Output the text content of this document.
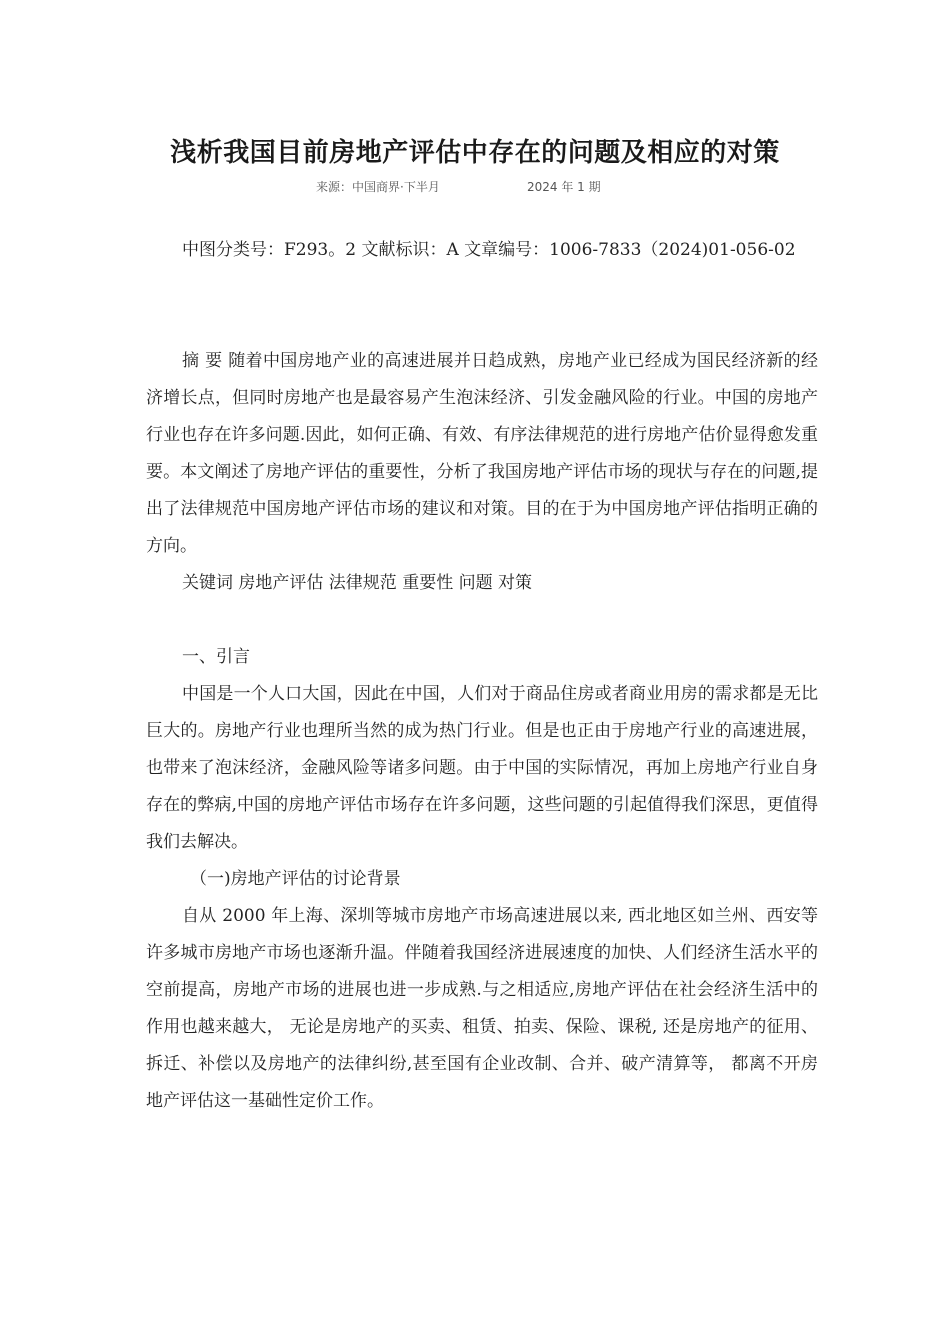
浅析我国目前房地产评估中存在的问题及相应的对策
来源：中国商界·下半月	2024 年 1 期

中图分类号：F293。2 文献标识：A 文章编号：1006-7833（2024)01-056-02

摘 要 随着中国房地产业的高速进展并日趋成熟，房地产业已经成为国民经济新的经济增长点，但同时房地产也是最容易产生泡沫经济、引发金融风险的行业。中国的房地产行业也存在许多问题.因此，如何正确、有效、有序法律规范的进行房地产估价显得愈发重要。本文阐述了房地产评估的重要性，分析了我国房地产评估市场的现状与存在的问题,提出了法律规范中国房地产评估市场的建议和对策。目的在于为中国房地产评估指明正确的方向。

关键词 房地产评估 法律规范 重要性 问题 对策

一、引言

中国是一个人口大国，因此在中国，人们对于商品住房或者商业用房的需求都是无比巨大的。房地产行业也理所当然的成为热门行业。但是也正由于房地产行业的高速进展，也带来了泡沫经济，金融风险等诸多问题。由于中国的实际情况，再加上房地产行业自身存在的弊病,中国的房地产评估市场存在许多问题，这些问题的引起值得我们深思，更值得我们去解决。

（一)房地产评估的讨论背景

自从 2000 年上海、深圳等城市房地产市场高速进展以来, 西北地区如兰州、西安等许多城市房地产市场也逐渐升温。伴随着我国经济进展速度的加快、人们经济生活水平的空前提高，房地产市场的进展也进一步成熟.与之相适应,房地产评估在社会经济生活中的作用也越来越大， 无论是房地产的买卖、租赁、拍卖、保险、课税, 还是房地产的征用、拆迁、补偿以及房地产的法律纠纷,甚至国有企业改制、合并、破产清算等， 都离不开房地产评估这一基础性定价工作。
